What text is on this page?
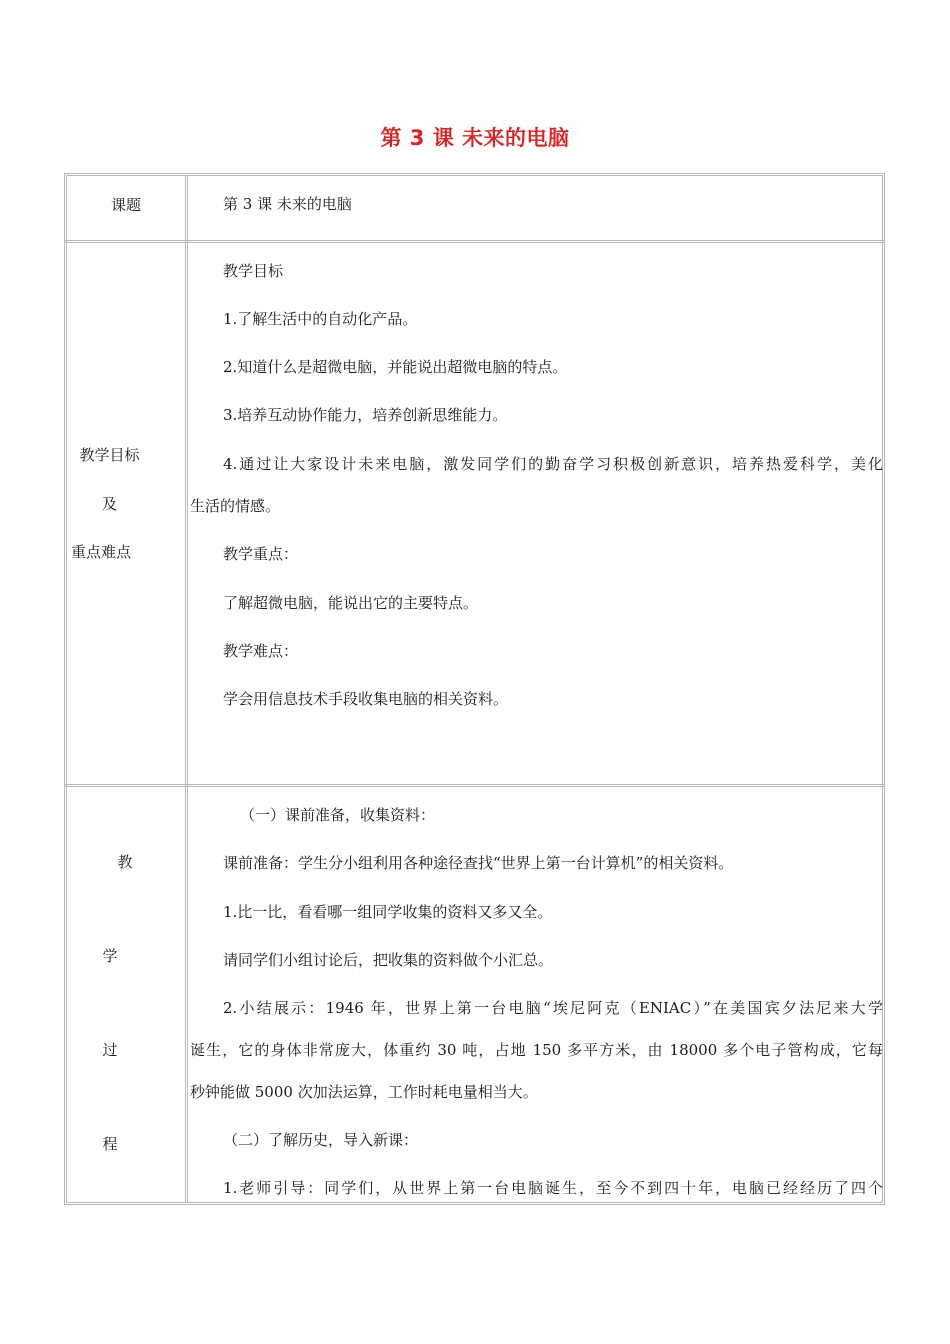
第 3 课 未来的电脑
课题	第 3 课 未来的电脑
教学目标
及
重点难点
教学目标
1.了解生活中的自动化产品。
2.知道什么是超微电脑，并能说出超微电脑的特点。
3.培养互动协作能力，培养创新思维能力。
4.通过让大家设计未来电脑，激发同学们的勤奋学习积极创新意识，培养热爱科学，美化
生活的情感。
教学重点：
了解超微电脑，能说出它的主要特点。
教学难点：
学会用信息技术手段收集电脑的相关资料。
教
学
过
程
（一）课前准备，收集资料：
课前准备：学生分小组利用各种途径查找“世界上第一台计算机”的相关资料。
1.比一比，看看哪一组同学收集的资料又多又全。
请同学们小组讨论后，把收集的资料做个小汇总。
2.小结展示：1946 年，世界上第一台电脑“埃尼阿克（ENIAC）”在美国宾夕法尼来大学
诞生，它的身体非常庞大，体重约 30 吨，占地 150 多平方米，由 18000 多个电子管构成，它每
秒钟能做 5000 次加法运算，工作时耗电量相当大。
（二）了解历史，导入新课：
1.老师引导：同学们，从世界上第一台电脑诞生，至今不到四十年，电脑已经经历了四个
